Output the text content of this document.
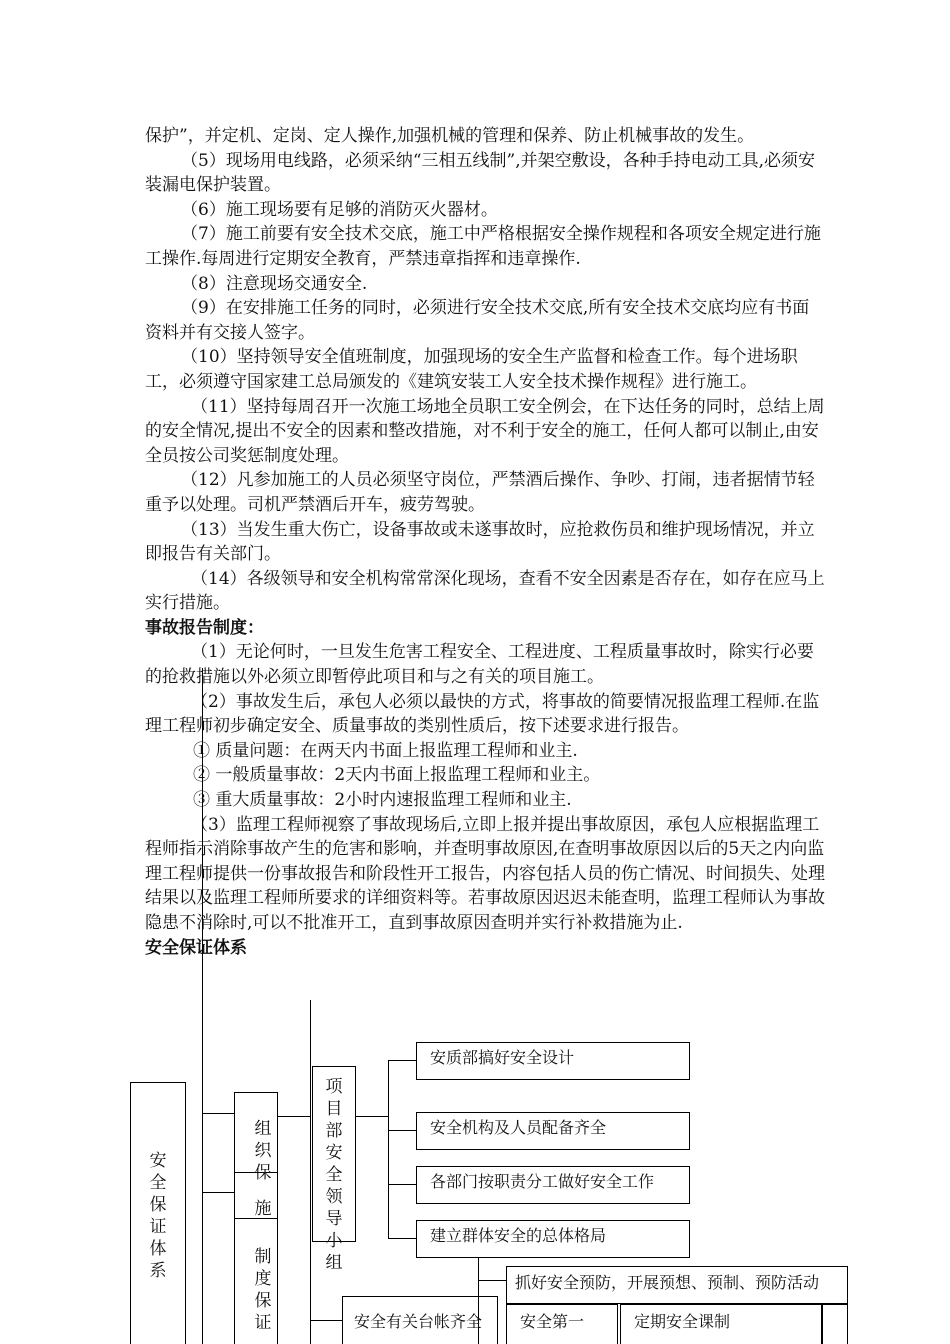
保护”，并定机、定岗、定人操作,加强机械的管理和保养、防止机械事故的发生。

（5）现场用电线路，必须采纳“三相五线制”,并架空敷设，各种手持电动工具,必须安装漏电保护装置。

（6）施工现场要有足够的消防灭火器材。

（7）施工前要有安全技术交底，施工中严格根据安全操作规程和各项安全规定进行施工操作.每周进行定期安全教育，严禁违章指挥和违章操作.

（8）注意现场交通安全.

（9）在安排施工任务的同时，必须进行安全技术交底,所有安全技术交底均应有书面资料并有交接人签字。

（10）坚持领导安全值班制度，加强现场的安全生产监督和检查工作。每个进场职工，必须遵守国家建工总局颁发的《建筑安装工人安全技术操作规程》进行施工。

（11）坚持每周召开一次施工场地全员职工安全例会，在下达任务的同时，总结上周的安全情况,提出不安全的因素和整改措施，对不利于安全的施工，任何人都可以制止,由安全员按公司奖惩制度处理。

（12）凡参加施工的人员必须坚守岗位，严禁酒后操作、争吵、打闹，违者据情节轻重予以处理。司机严禁酒后开车，疲劳驾驶。

（13）当发生重大伤亡，设备事故或未遂事故时，应抢救伤员和维护现场情况，并立即报告有关部门。

（14）各级领导和安全机构常常深化现场，查看不安全因素是否存在，如存在应马上实行措施。

事故报告制度：

（1）无论何时，一旦发生危害工程安全、工程进度、工程质量事故时，除实行必要的抢救措施以外必须立即暂停此项目和与之有关的项目施工。

（2）事故发生后，承包人必须以最快的方式，将事故的简要情况报监理工程师.在监理工程师初步确定安全、质量事故的类别性质后，按下述要求进行报告。

① 质量问题：在两天内书面上报监理工程师和业主.

② 一般质量事故：2天内书面上报监理工程师和业主。

③ 重大质量事故：2小时内速报监理工程师和业主.

（3）监理工程师视察了事故现场后,立即上报并提出事故原因，承包人应根据监理工程师指示消除事故产生的危害和影响，并查明事故原因,在查明事故原因以后的5天之内向监理工程师提供一份事故报告和阶段性开工报告，内容包括人员的伤亡情况、时间损失、处理结果以及监理工程师所要求的详细资料等。若事故原因迟迟未能查明，监理工程师认为事故隐患不消除时,可以不批准开工，直到事故原因查明并实行补救措施为止.

安全保证体系
安全保证体系
组织保
施
制度保证
项目部安全领导小组
安质部搞好安全设计
安全机构及人员配备齐全
各部门按职责分工做好安全工作
建立群体安全的总体格局
抓好安全预防，开展预想、预制、预防活动
安全有关台帐齐全 安全第一	定期安全课制
